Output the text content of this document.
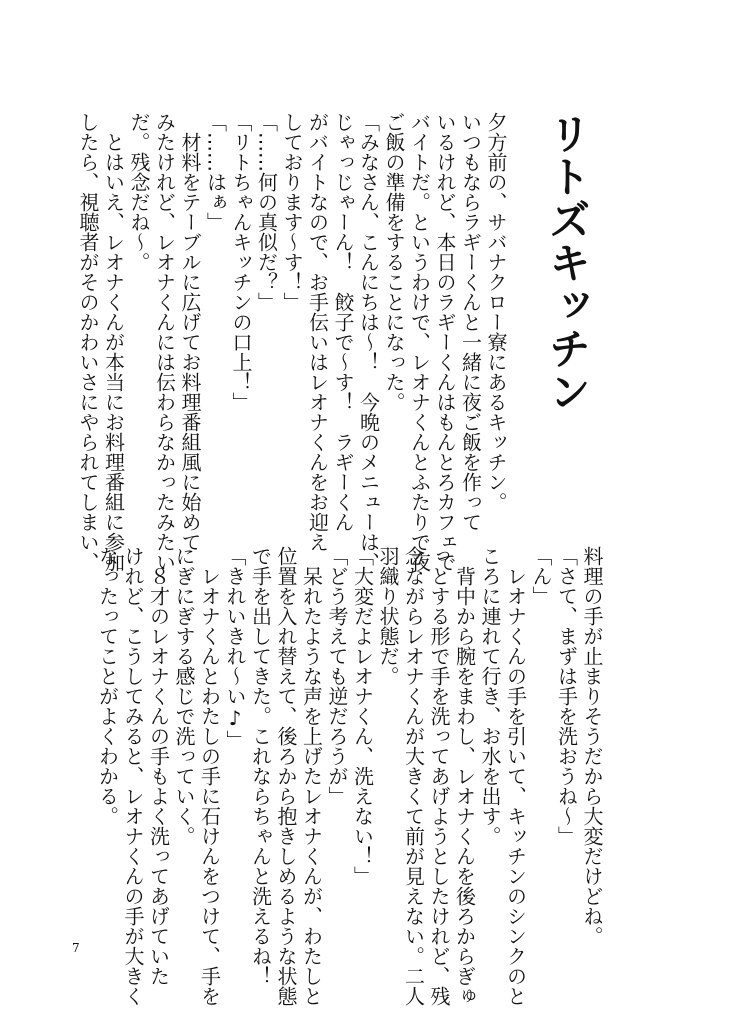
リトズキッチン
夕方前の、サバナクロー寮にあるキッチン。
いつもならラギーくんと一緒に夜ご飯を作って
いるけれど、本日のラギーくんはもんとろカフェで
バイトだ。というわけで、レオナくんとふたりで夜
ご飯の準備をすることになった。
「みなさん、こんにちは〜！　今晩のメニューは、
じゃっじゃーん！　餃子で〜す！　ラギーくん
がバイトなので、お手伝いはレオナくんをお迎え
しております〜す！」
「……何の真似だ？」
「リトちゃんキッチンの口上！」
「……はぁ」
　材料をテーブルに広げてお料理番組風に始めて
みたけれど、レオナくんには伝わらなかったみたい
だ。残念だね〜。
　とはいえ、レオナくんが本当にお料理番組に参加
したら、視聴者がそのかわいさにやられてしまい、
料理の手が止まりそうだから大変だけどね。
「さて、まずは手を洗おうね〜」
「ん」
　レオナくんの手を引いて、キッチンのシンクのと
ころに連れて行き、お水を出す。
　背中から腕をまわし、レオナくんを後ろからぎゅ
っとする形で手を洗ってあげようとしたけれど、残
念ながらレオナくんが大きくて前が見えない。二人
羽織り状態だ。
「大変だよレオナくん、洗えない！」
「どう考えても逆だろうが」
　呆れたような声を上げたレオナくんが、わたしと
位置を入れ替えて、後ろから抱きしめるような状態
で手を出してきた。これならちゃんと洗えるね！
「きれいきれ〜い♪」
　レオナくんとわたしの手に石けんをつけて、手を
にぎにぎする感じで洗っていく。
　８才のレオナくんの手もよく洗ってあげていた
けれど、こうしてみると、レオナくんの手が大きく
なったってことがよくわかる。
7
